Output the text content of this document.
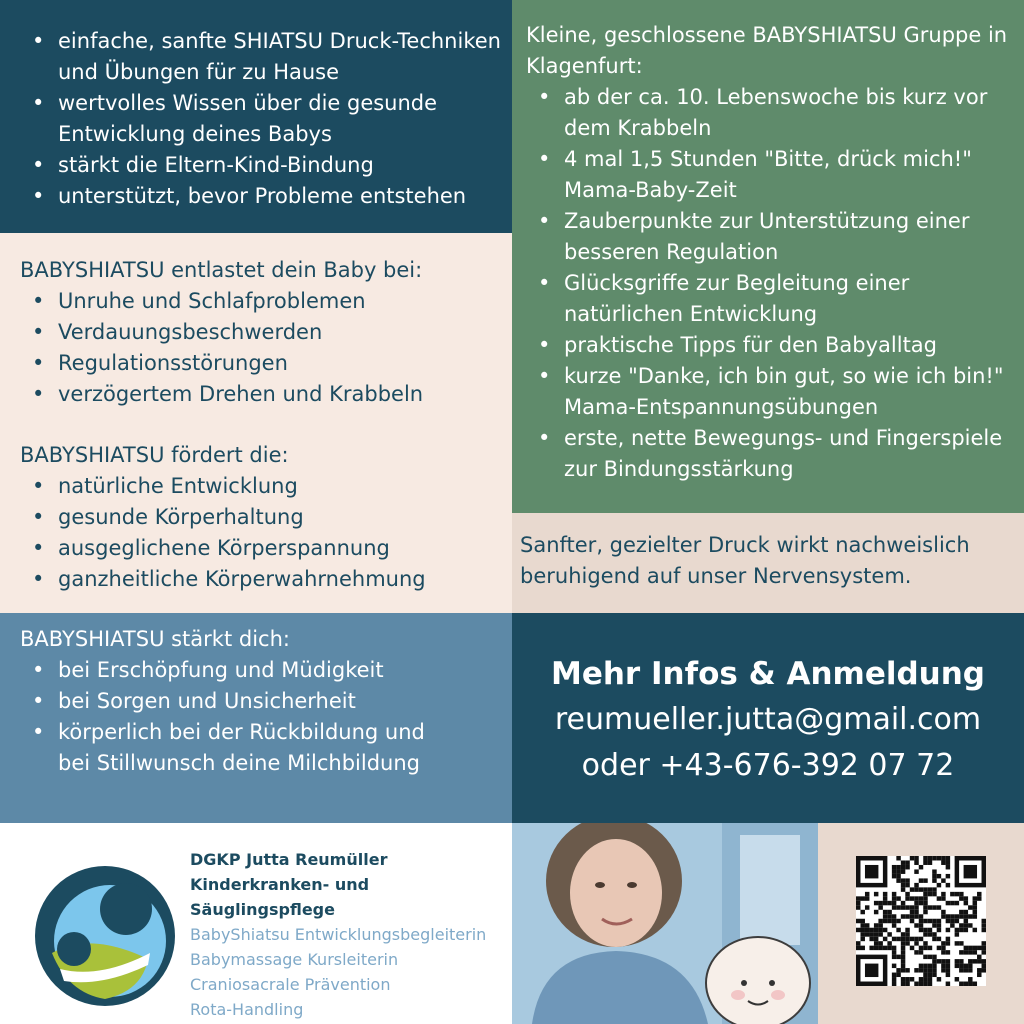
• einfache, sanfte SHIATSU Druck-Techniken und Übungen für zu Hause
• wertvolles Wissen über die gesunde Entwicklung deines Babys
• stärkt die Eltern-Kind-Bindung
• unterstützt, bevor Probleme entstehen

Kleine, geschlossene BABYSHIATSU Gruppe in Klagenfurt:

• ab der ca. 10. Lebenswoche bis kurz vor dem Krabbeln
• 4 mal 1,5 Stunden "Bitte, drück mich!" Mama-Baby-Zeit
• Zauberpunkte zur Unterstützung einer besseren Regulation
• Glücksgriffe zur Begleitung einer natürlichen Entwicklung
• praktische Tipps für den Babyalltag
• kurze "Danke, ich bin gut, so wie ich bin!" Mama-Entspannungsübungen
• erste, nette Bewegungs- und Fingerspiele zur Bindungsstärkung

BABYSHIATSU entlastet dein Baby bei:

• Unruhe und Schlafproblemen
• Verdauungsbeschwerden
• Regulationsstörungen
• verzögertem Drehen und Krabbeln

BABYSHIATSU fördert die:

• natürliche Entwicklung
• gesunde Körperhaltung
• ausgeglichene Körperspannung
• ganzheitliche Körperwahrnehmung

Sanfter, gezielter Druck wirkt nachweislich beruhigend auf unser Nervensystem.

BABYSHIATSU stärkt dich:

• bei Erschöpfung und Müdigkeit
• bei Sorgen und Unsicherheit
• körperlich bei der Rückbildung und bei Stillwunsch deine Milchbildung
Mehr Infos & Anmeldung
reumueller.jutta@gmail.com
oder +43-676-392 07 72
DGKP Jutta Reumüller
Kinderkranken- und Säuglingspflege
BabyShiatsu Entwicklungsbegleiterin
Babymassage Kursleiterin
Craniosacrale Prävention
Rota-Handling
